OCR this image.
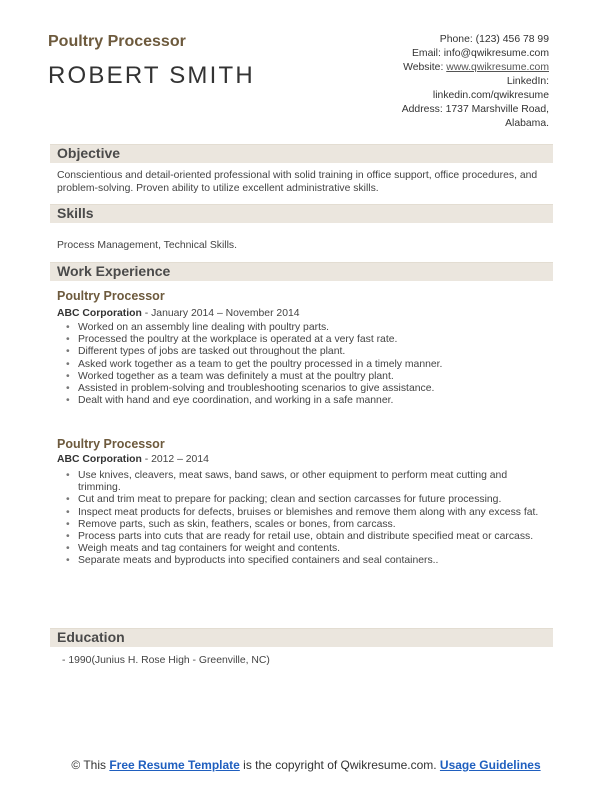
Poultry Processor
ROBERT SMITH
Phone: (123) 456 78 99
Email: info@qwikresume.com
Website: www.qwikresume.com
LinkedIn:
linkedin.com/qwikresume
Address: 1737 Marshville Road,
Alabama.
Objective

Conscientious and detail-oriented professional with solid training in office support, office procedures, and problem-solving. Proven ability to utilize excellent administrative skills.

Skills

Process Management, Technical Skills.

Work Experience
Poultry Processor
ABC Corporation - January 2014 – November 2014
• Worked on an assembly line dealing with poultry parts.
• Processed the poultry at the workplace is operated at a very fast rate.
• Different types of jobs are tasked out throughout the plant.
• Asked work together as a team to get the poultry processed in a timely manner.
• Worked together as a team was definitely a must at the poultry plant.
• Assisted in problem-solving and troubleshooting scenarios to give assistance.
• Dealt with hand and eye coordination, and working in a safe manner.
Poultry Processor
ABC Corporation - 2012 – 2014
• Use knives, cleavers, meat saws, band saws, or other equipment to perform meat cutting and trimming.
• Cut and trim meat to prepare for packing; clean and section carcasses for future processing.
• Inspect meat products for defects, bruises or blemishes and remove them along with any excess fat.
• Remove parts, such as skin, feathers, scales or bones, from carcass.
• Process parts into cuts that are ready for retail use, obtain and distribute specified meat or carcass.
• Weigh meats and tag containers for weight and contents.
• Separate meats and byproducts into specified containers and seal containers..
Education

- 1990(Junius H. Rose High - Greenville, NC)

© This Free Resume Template is the copyright of Qwikresume.com. Usage Guidelines
